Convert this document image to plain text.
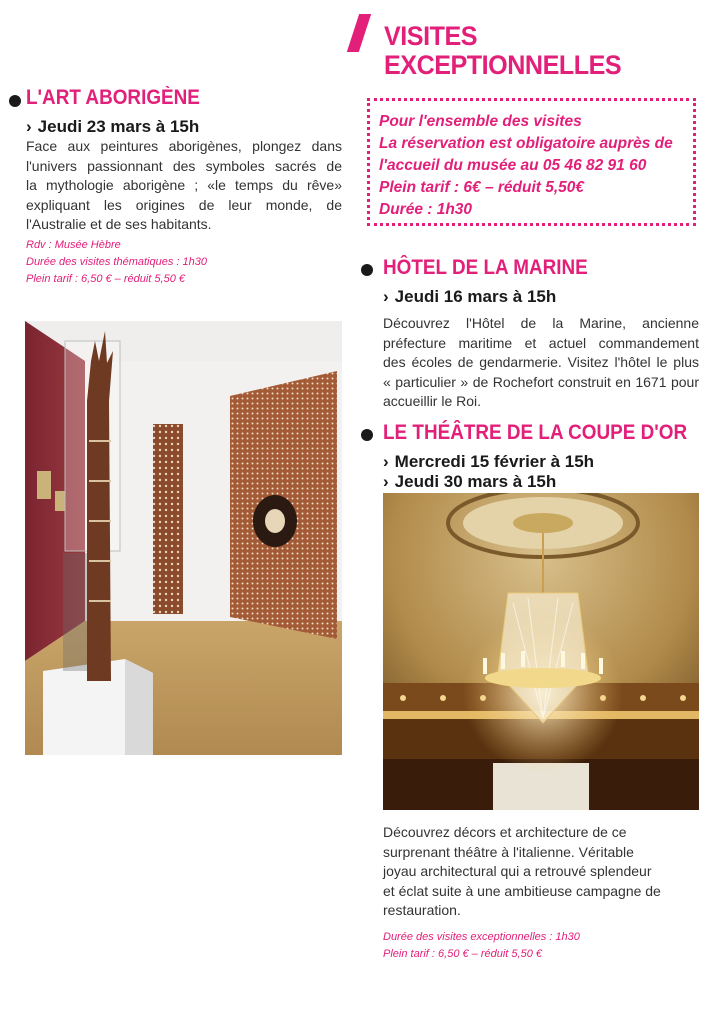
VISITES
EXCEPTIONNELLES
Pour l'ensemble des visites
La réservation est obligatoire auprès de
l'accueil du musée au 05 46 82 91 60
Plein tarif : 6€ – réduit 5,50€
Durée : 1h30
L'ART ABORIGÈNE
› Jeudi 23 mars à 15h
Face aux peintures aborigènes, plongez dans
l'univers passionnant des symboles sacrés de
la mythologie aborigène ; «le temps du rêve»
expliquant les origines de leur monde, de
l'Australie et de ses habitants.
Rdv : Musée Hèbre
Durée des visites thématiques : 1h30
Plein tarif : 6,50 € – réduit 5,50 €	HÔTEL DE LA MARINE
› Jeudi 16 mars à 15h
Découvrez l'Hôtel de la Marine, ancienne
préfecture maritime et actuel commandement
des écoles de gendarmerie. Visitez l'hôtel le plus
« particulier » de Rochefort construit en 1671 pour
accueillir le Roi.
LE THÉÂTRE DE LA COUPE D'OR
› Mercredi 15 février à 15h
› Jeudi 30 mars à 15h
Découvrez décors et architecture de ce
surprenant théâtre à l'italienne. Véritable
joyau architectural qui a retrouvé splendeur
et éclat suite à une ambitieuse campagne de
restauration.
Durée des visites exceptionnelles : 1h30
Plein tarif : 6,50 € – réduit 5,50 €
